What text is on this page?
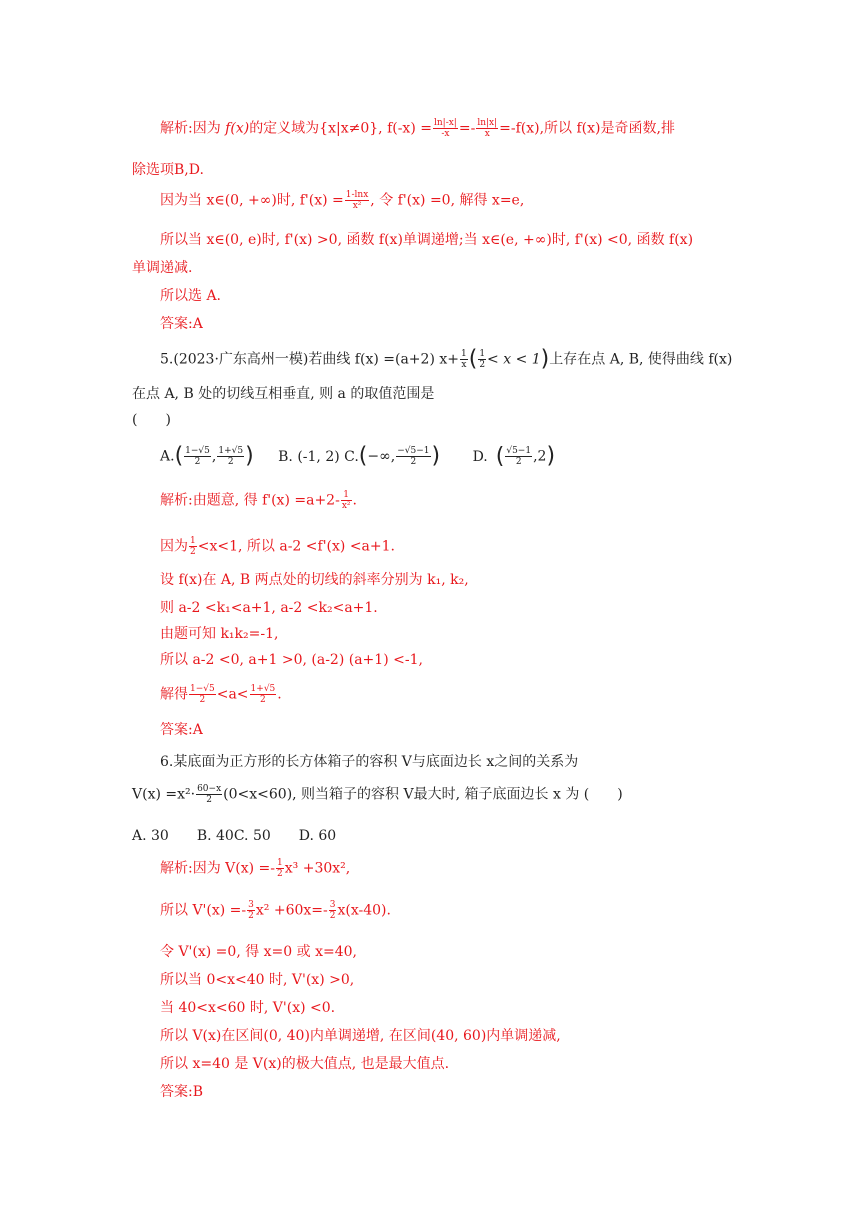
解析:因为 f(x)的定义域为{x|x≠0}, $f(-x) = \frac{\ln|-x|}{-x} =- \frac{\ln|x|}{x} =-f(x)$,所以 f(x)是奇函数,排
除选项B,D.
因为当 x∈(0, +∞)时, $f'(x) = \frac{1-\ln x}{\text{x²}}$ , 令 f'(x) =0, 解得 x=e,
所以当 x∈(0, e)时, f'(x) >0, 函数 f(x)单调递增;当 x∈(e, +∞)时, f'(x) <0, 函数 f(x)
单调递减.
所以选 A.
答案:A
5.(2023·广东高州一模)若曲线 f(x) =(a+2) $x+ \frac{1}{x}$ ( $\frac{1}{2} < x < 1$)上存在点 A, B, 使得曲线 f(x)
在点 A, B 处的切线互相垂直, 则 a 的取值范围是
(　　)
$A.( \frac{1-√5}{2}$ , $\frac{1+√5}{2}$ ) B. (-1, 2) C.(−∞, $\frac{-√5-1}{2}$ ) D. ( $\frac{√5-1}{2} ,2$)
解析:由题意, 得 $f'(x) =a+2- \frac{1}{\text{x²}}$ .
因为 $\frac{1}{2} <x<1$, 所以 a-2 <f'(x) <a+1.
设 f(x)在 A, B 两点处的切线的斜率分别为 k₁, k₂,
则 a-2 <k₁<a+1, a-2 <k₂<a+1.
由题可知 k₁k₂=-1,
所以 a-2 <0, a+1 >0, (a-2) (a+1) <-1,
解得 $\frac{1-√5}{2} <a< \frac{1+√5}{2}$ .
答案:A
6.某底面为正方形的长方体箱子的容积 V与底面边长 x之间的关系为
$V(x) =x^2\cdot \frac{60-x}{2} (0<x<60)$, 则当箱子的容积 V最大时, 箱子底面边长 x 为 (　　)
A. 30　　B. 40C. 50　　D. 60
解析:因为 $V(x) =- \frac{1}{2} x^3 +30x^2$,
所以 $V'(x) =- \frac{3}{2} x^2 +60x=- \frac{3}{2} x(x-40)$.
令 V'(x) =0, 得 x=0 或 x=40,
所以当 0<x<40 时, V'(x) >0,
当 40<x<60 时, V'(x) <0.
所以 V(x)在区间(0, 40)内单调递增, 在区间(40, 60)内单调递减,
所以 x=40 是 V(x)的极大值点, 也是最大值点.
答案:B
